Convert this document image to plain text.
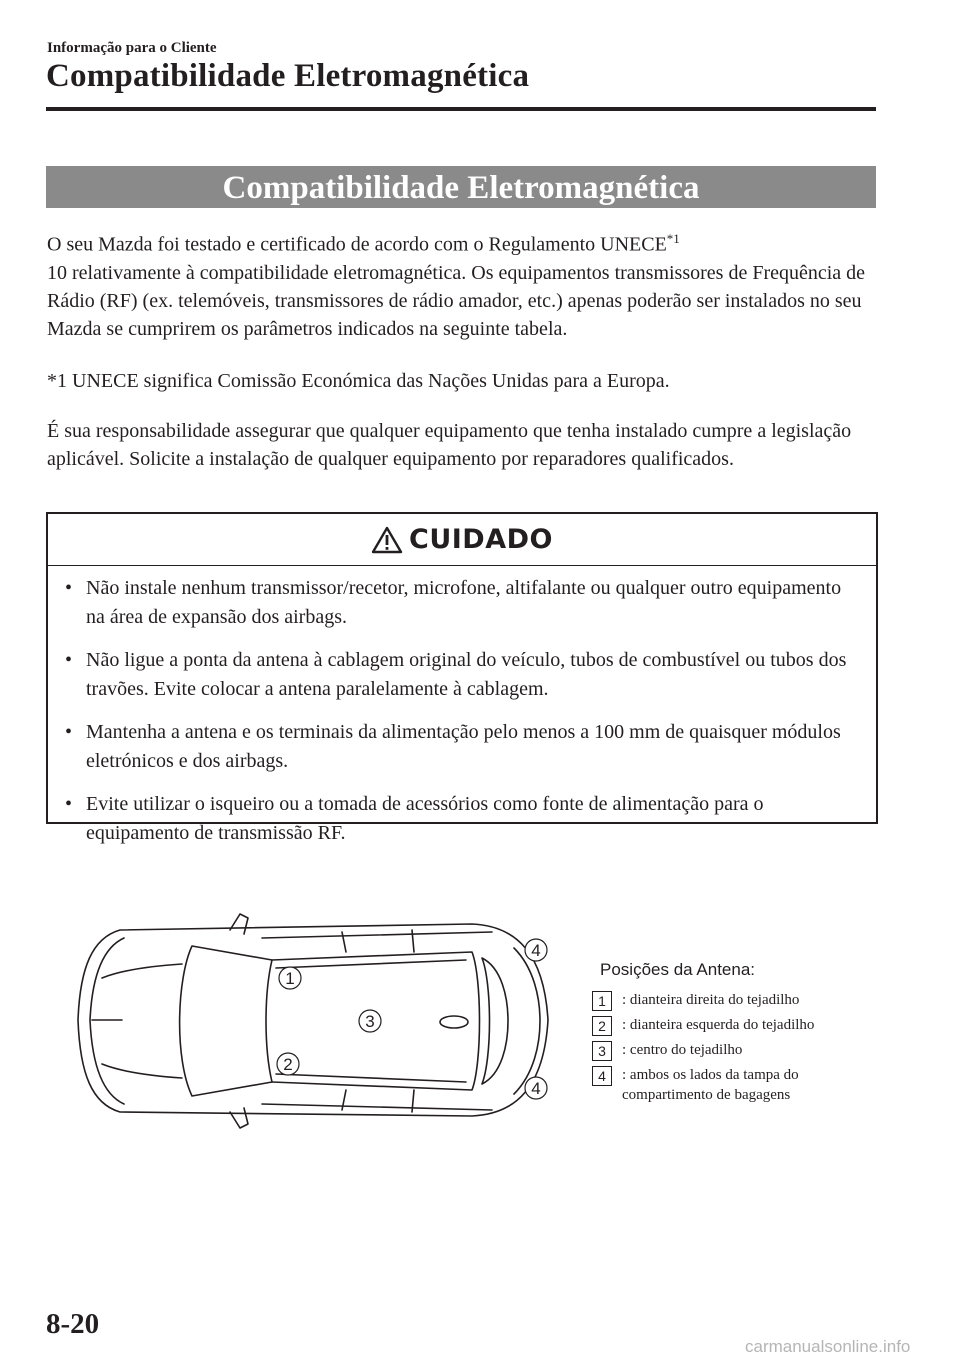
Informação para o Cliente
Compatibilidade Eletromagnética
Compatibilidade Eletromagnética

O seu Mazda foi testado e certificado de acordo com o Regulamento UNECE$^{*1}$
10 relativamente à compatibilidade eletromagnética. Os equipamentos transmissores de Frequência de Rádio (RF) (ex. telemóveis, transmissores de rádio amador, etc.) apenas poderão ser instalados no seu Mazda se cumprirem os parâmetros indicados na seguinte tabela.

*1 UNECE significa Comissão Económica das Nações Unidas para a Europa.

É sua responsabilidade assegurar que qualquer equipamento que tenha instalado cumpre a legislação aplicável. Solicite a instalação de qualquer equipamento por reparadores qualificados.

CUIDADO
• Não instale nenhum transmissor/recetor, microfone, altifalante ou qualquer outro equipamento na área de expansão dos airbags.
• Não ligue a ponta da antena à cablagem original do veículo, tubos de combustível ou tubos dos travões. Evite colocar a antena paralelamente à cablagem.
• Mantenha a antena e os terminais da alimentação pelo menos a 100 mm de quaisquer módulos eletrónicos e dos airbags.
• Evite utilizar o isqueiro ou a tomada de acessórios como fonte de alimentação para o equipamento de transmissão RF.
1
2
3
4
4
Posições da Antena:
1	: dianteira direita do tejadilho
2	: dianteira esquerda do tejadilho
3	: centro do tejadilho
4	: ambos os lados da tampa do compartimento de bagagens
8-20
carmanualsonline.info
